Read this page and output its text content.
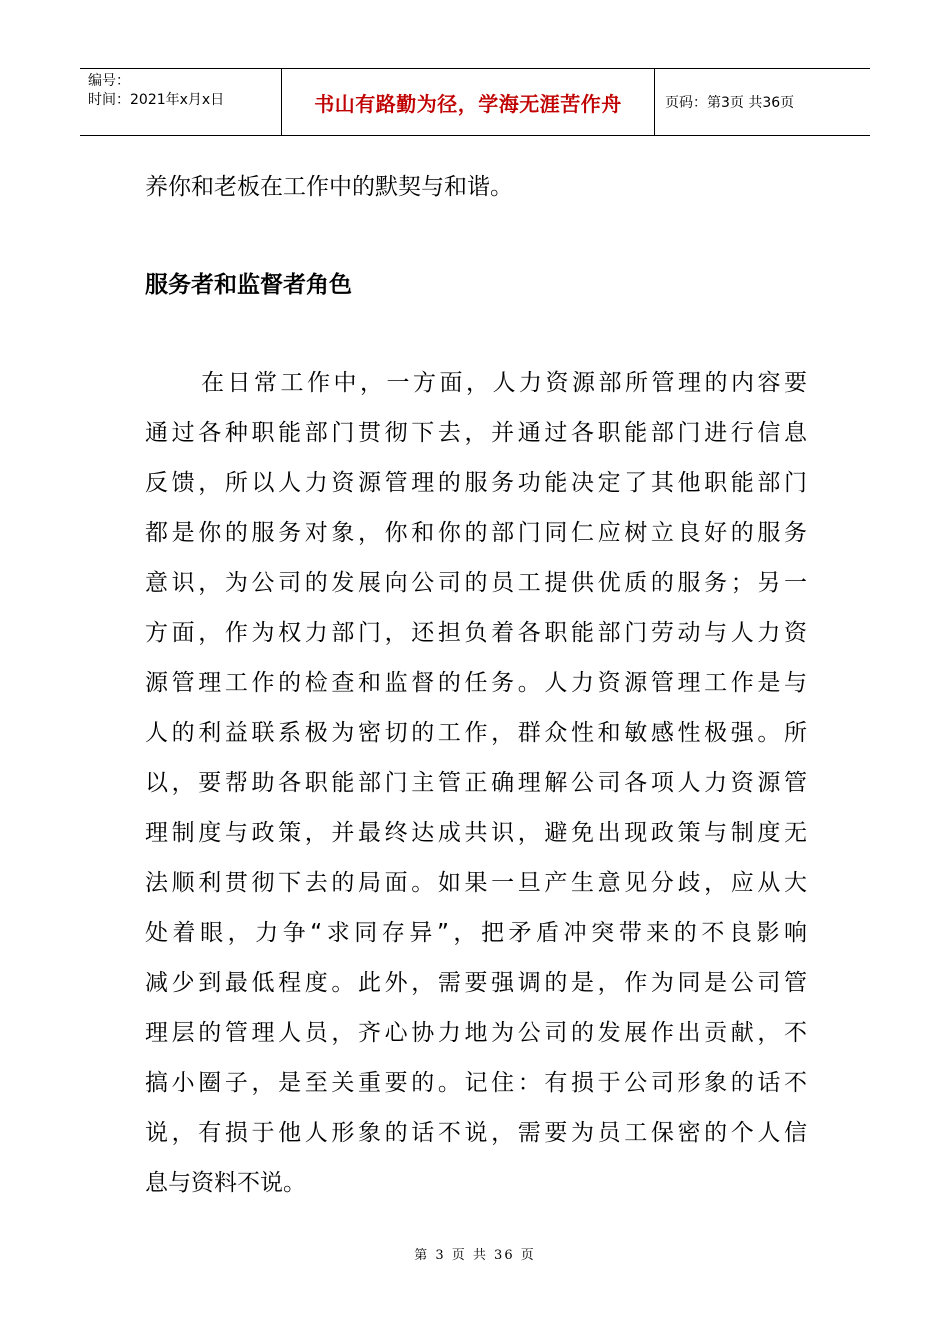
编号：
时间：2021年x月x日	书山有路勤为径，学海无涯苦作舟	页码：第3页 共36页
养你和老板在工作中的默契与和谐。
服务者和监督者角色
在日常工作中，一方面，人力资源部所管理的内容要
通过各种职能部门贯彻下去，并通过各职能部门进行信息
反馈，所以人力资源管理的服务功能决定了其他职能部门
都是你的服务对象，你和你的部门同仁应树立良好的服务
意识，为公司的发展向公司的员工提供优质的服务；另一
方面，作为权力部门，还担负着各职能部门劳动与人力资
源管理工作的检查和监督的任务。人力资源管理工作是与
人的利益联系极为密切的工作，群众性和敏感性极强。所
以，要帮助各职能部门主管正确理解公司各项人力资源管
理制度与政策，并最终达成共识，避免出现政策与制度无
法顺利贯彻下去的局面。如果一旦产生意见分歧，应从大
处着眼，力争“求同存异”，把矛盾冲突带来的不良影响
减少到最低程度。此外，需要强调的是，作为同是公司管
理层的管理人员，齐心协力地为公司的发展作出贡献，不
搞小圈子，是至关重要的。记住：有损于公司形象的话不
说，有损于他人形象的话不说，需要为员工保密的个人信
息与资料不说。
第 3 页 共 36 页
